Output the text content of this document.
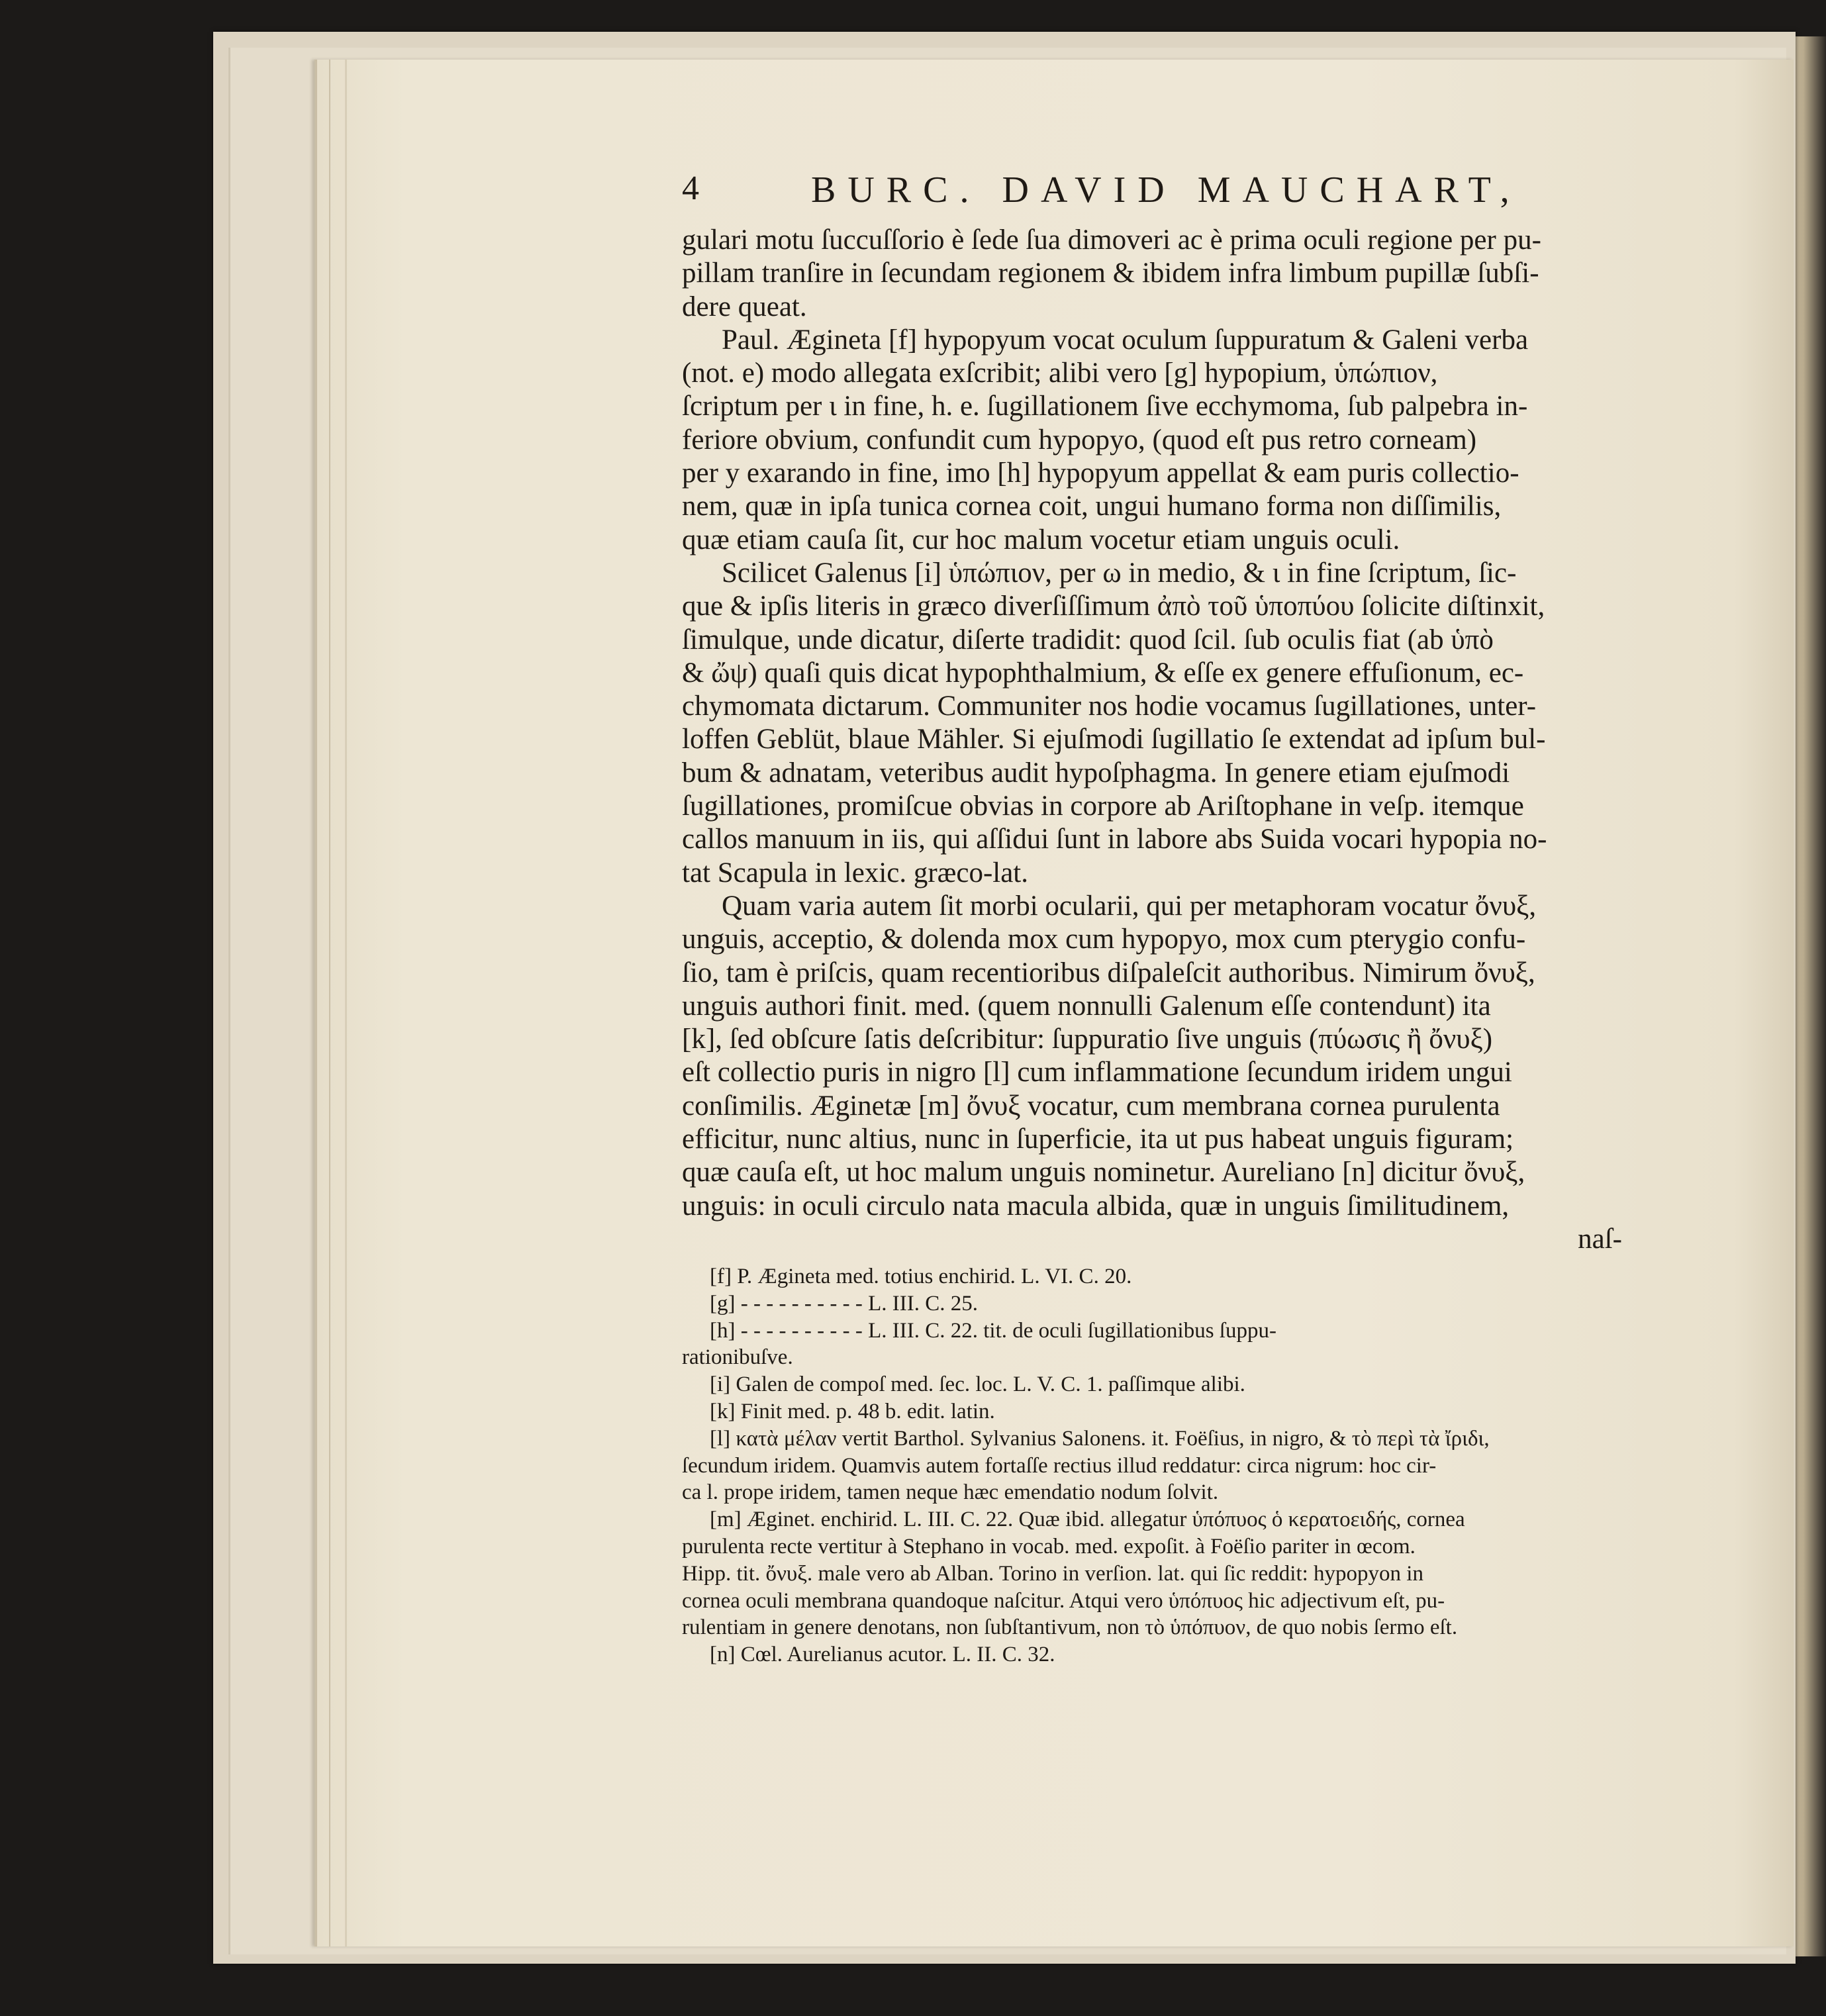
4	BURC. DAVID MAUCHART,

gulari motu ſuccuſſorio è ſede ſua dimoveri ac è prima oculi regione per pu-

pillam tranſire in ſecundam regionem & ibidem infra limbum pupillæ ſubſi-

dere queat.

Paul. Ægineta [f] hypopyum vocat oculum ſuppuratum & Galeni verba

(not. e) modo allegata exſcribit; alibi vero [g] hypopium, ὑπώπιον,

ſcriptum per ι in fine, h. e. ſugillationem ſive ecchymoma, ſub palpebra in-

feriore obvium, confundit cum hypopyo, (quod eſt pus retro corneam)

per y exarando in fine, imo [h] hypopyum appellat & eam puris collectio-

nem, quæ in ipſa tunica cornea coit, ungui humano forma non diſſimilis,

quæ etiam cauſa ſit, cur hoc malum vocetur etiam unguis oculi.

Scilicet Galenus [i] ὑπώπιον, per ω in medio, & ι in fine ſcriptum, ſic-

que & ipſis literis in græco diverſiſſimum ἀπὸ τοῦ ὑποπύου ſolicite diſtinxit,

ſimulque, unde dicatur, diſerte tradidit: quod ſcil. ſub oculis fiat (ab ὑπὸ

& ὤψ) quaſi quis dicat hypophthalmium, & eſſe ex genere effuſionum, ec-

chymomata dictarum. Communiter nos hodie vocamus ſugillationes, unter-

loffen Geblüt, blaue Mähler. Si ejuſmodi ſugillatio ſe extendat ad ipſum bul-

bum & adnatam, veteribus audit hypoſphagma. In genere etiam ejuſmodi

ſugillationes, promiſcue obvias in corpore ab Ariſtophane in veſp. itemque

callos manuum in iis, qui aſſidui ſunt in labore abs Suida vocari hypopia no-

tat Scapula in lexic. græco-lat.

Quam varia autem ſit morbi ocularii, qui per metaphoram vocatur ὄνυξ,

unguis, acceptio, & dolenda mox cum hypopyo, mox cum pterygio confu-

ſio, tam è priſcis, quam recentioribus diſpaleſcit authoribus. Nimirum ὄνυξ,

unguis authori finit. med. (quem nonnulli Galenum eſſe contendunt) ita

[k], ſed obſcure ſatis deſcribitur: ſuppuratio ſive unguis (πύωσις ἢ ὄνυξ)

eſt collectio puris in nigro [l] cum inflammatione ſecundum iridem ungui

conſimilis. Æginetæ [m] ὄνυξ vocatur, cum membrana cornea purulenta

efficitur, nunc altius, nunc in ſuperficie, ita ut pus habeat unguis figuram;

quæ cauſa eſt, ut hoc malum unguis nominetur. Aureliano [n] dicitur ὄνυξ,

unguis: in oculi circulo nata macula albida, quæ in unguis ſimilitudinem,

naſ-

[f] P. Ægineta med. totius enchirid. L. VI. C. 20.

[g] - - - - - - - - - - L. III. C. 25.

[h] - - - - - - - - - - L. III. C. 22. tit. de oculi ſugillationibus ſuppu-

rationibuſve.

[i] Galen de compoſ med. ſec. loc. L. V. C. 1. paſſimque alibi.

[k] Finit med. p. 48 b. edit. latin.

[l] κατὰ μέλαν vertit Barthol. Sylvanius Salonens. it. Foëſius, in nigro, & τὸ περὶ τὰ ἴριδι,

ſecundum iridem. Quamvis autem fortaſſe rectius illud reddatur: circa nigrum: hoc cir-

ca l. prope iridem, tamen neque hæc emendatio nodum ſolvit.

[m] Æginet. enchirid. L. III. C. 22. Quæ ibid. allegatur ὑπόπυος ὁ κερατοειδής, cornea

purulenta recte vertitur à Stephano in vocab. med. expoſit. à Foëſio pariter in œcom.

Hipp. tit. ὄνυξ. male vero ab Alban. Torino in verſion. lat. qui ſic reddit: hypopyon in

cornea oculi membrana quandoque naſcitur. Atqui vero ὑπόπυος hic adjectivum eſt, pu-

rulentiam in genere denotans, non ſubſtantivum, non τὸ ὑπόπυον, de quo nobis ſermo eſt.

[n] Cœl. Aurelianus acutor. L. II. C. 32.
